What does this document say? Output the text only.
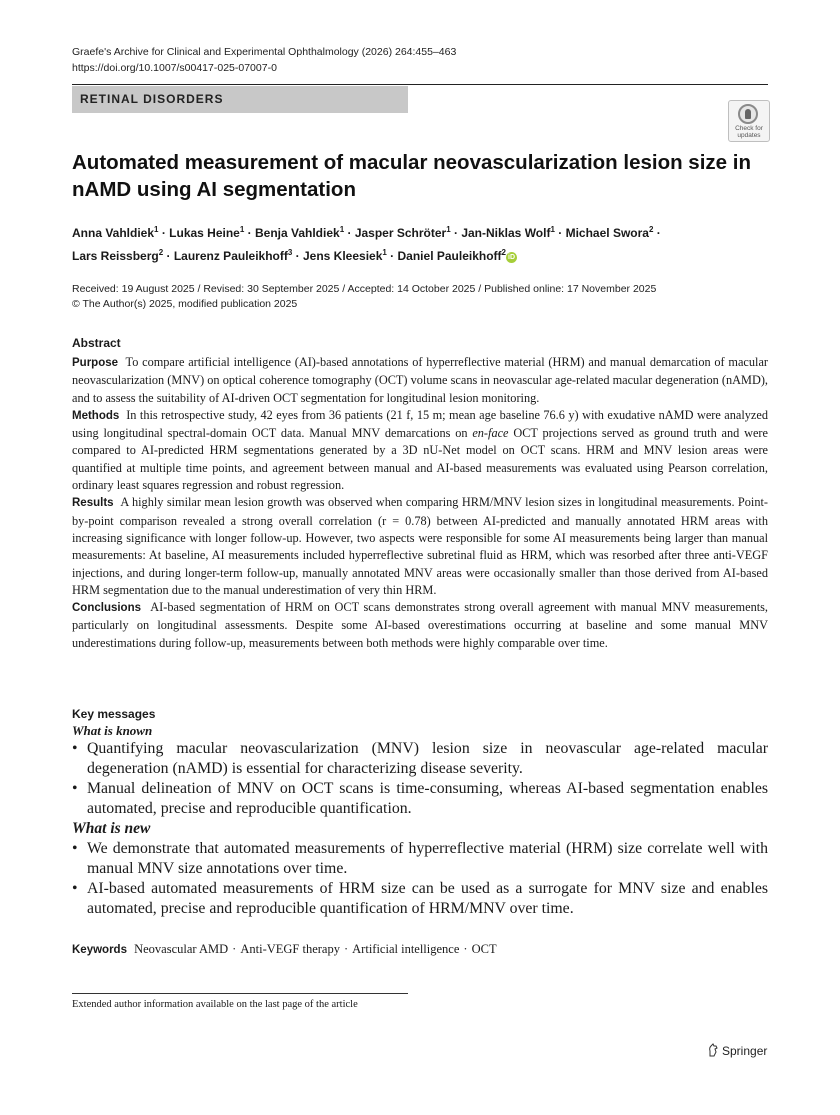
Graefe's Archive for Clinical and Experimental Ophthalmology (2026) 264:455–463
https://doi.org/10.1007/s00417-025-07007-0
RETINAL DISORDERS
Check for
updates
Automated measurement of macular neovascularization lesion size in nAMD using AI segmentation
Anna Vahldiek$^1$ · Lukas Heine$^1$ · Benja Vahldiek$^1$ · Jasper Schröter$^1$ · Jan-Niklas Wolf$^1$ · Michael Swora$^2$ ·
Lars Reissberg$^2$ · Laurenz Pauleikhoff$^3$ · Jens Kleesiek$^1$ · Daniel Pauleikhoff$^2$iD
Received: 19 August 2025 / Revised: 30 September 2025 / Accepted: 14 October 2025 / Published online: 17 November 2025
© The Author(s) 2025, modified publication 2025
Abstract

Purpose To compare artificial intelligence (AI)-based annotations of hyperreflective material (HRM) and manual demarcation of macular neovascularization (MNV) on optical coherence tomography (OCT) volume scans in neovascular age-related macular degeneration (nAMD), and to assess the suitability of AI-driven OCT segmentation for longitudinal lesion monitoring.

Methods In this retrospective study, 42 eyes from 36 patients (21 f, 15 m; mean age baseline 76.6 y) with exudative nAMD were analyzed using longitudinal spectral-domain OCT data. Manual MNV demarcations on en-face OCT projections served as ground truth and were compared to AI-predicted HRM segmentations generated by a 3D nU-Net model on OCT scans. HRM and MNV lesion areas were quantified at multiple time points, and agreement between manual and AI-based measurements was evaluated using Pearson correlation, ordinary least squares regression and robust regression.

Results A highly similar mean lesion growth was observed when comparing HRM/MNV lesion sizes in longitudinal measurements. Point-by-point comparison revealed a strong overall correlation (r = 0.78) between AI-predicted and manually annotated HRM areas with increasing significance with longer follow-up. However, two aspects were responsible for some AI measurements being larger than manual measurements: At baseline, AI measurements included hyperreflective subretinal fluid as HRM, which was resorbed after three anti-VEGF injections, and during longer-term follow-up, manually annotated MNV areas were occasionally smaller than those derived from AI-based HRM segmentation due to the manual underestimation of very thin HRM.

Conclusions AI-based segmentation of HRM on OCT scans demonstrates strong overall agreement with manual MNV measurements, particularly on longitudinal assessments. Despite some AI-based overestimations occurring at baseline and some manual MNV underestimations during follow-up, measurements between both methods were highly comparable over time.

Key messages
What is known
• Quantifying macular neovascularization (MNV) lesion size in neovascular age-related macular degeneration (nAMD) is essential for characterizing disease severity.
• Manual delineation of MNV on OCT scans is time-consuming, whereas AI-based segmentation enables automated, precise and reproducible quantification.
What is new
• We demonstrate that automated measurements of hyperreflective material (HRM) size correlate well with manual MNV size annotations over time.
• AI-based automated measurements of HRM size can be used as a surrogate for MNV size and enables automated, precise and reproducible quantification of HRM/MNV over time.
Keywords Neovascular AMD · Anti-VEGF therapy · Artificial intelligence · OCT
Extended author information available on the last page of the article
Springer
